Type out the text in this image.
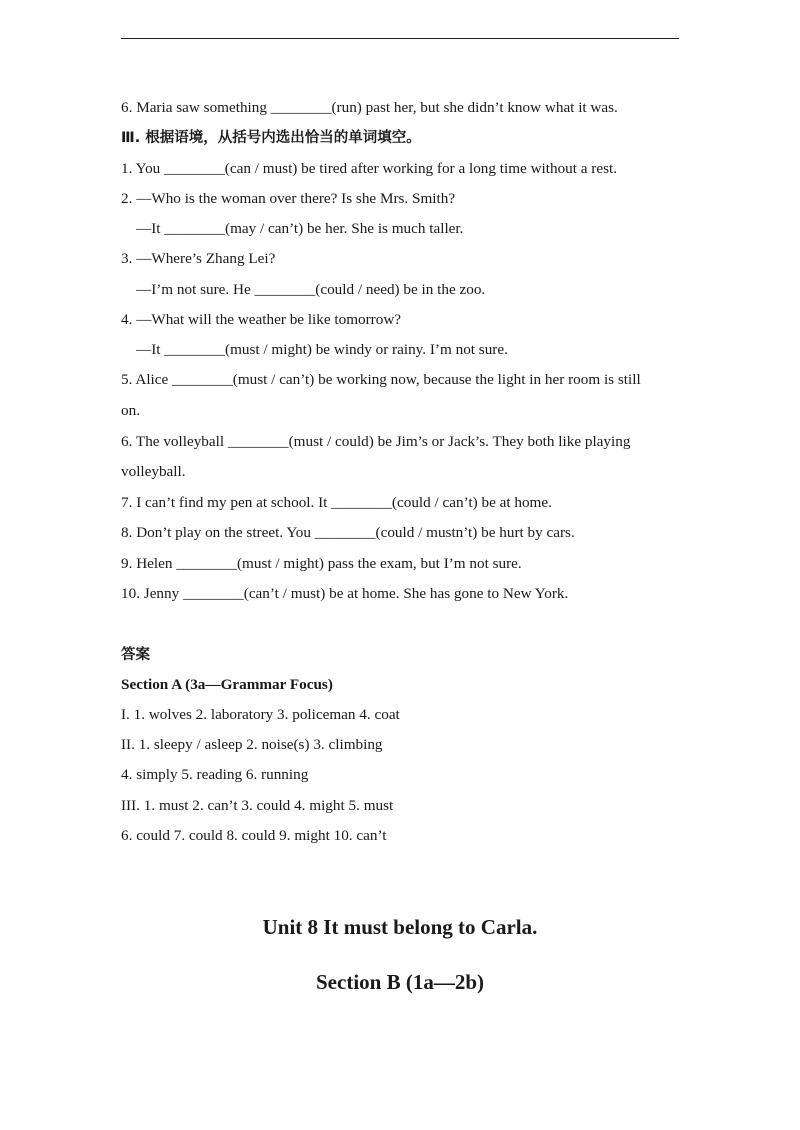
6. Maria saw something ________(run) past her, but she didn’t know what it was.
Ⅲ. 根据语境，从括号内选出恰当的单词填空。
1. You ________(can / must) be tired after working for a long time without a rest.
2. —Who is the woman over there? Is she Mrs. Smith?
—It ________(may / can’t) be her. She is much taller.
3. —Where’s Zhang Lei?
—I’m not sure. He ________(could / need) be in the zoo.
4. —What will the weather be like tomorrow?
—It ________(must / might) be windy or rainy. I’m not sure.
5. Alice ________(must / can’t) be working now, because the light in her room is still
on.
6. The volleyball ________(must / could) be Jim’s or Jack’s. They both like playing
volleyball.
7. I can’t find my pen at school. It ________(could / can’t) be at home.
8. Don’t play on the street. You ________(could / mustn’t) be hurt by cars.
9. Helen ________(must / might) pass the exam, but I’m not sure.
10. Jenny ________(can’t / must) be at home. She has gone to New York.
答案
Section A (3a—Grammar Focus)
I. 1. wolves 2. laboratory 3. policeman 4. coat
II. 1. sleepy / asleep 2. noise(s) 3. climbing
4. simply 5. reading 6. running
III. 1. must 2. can’t 3. could 4. might 5. must
6. could 7. could 8. could 9. might 10. can’t
Unit 8 It must belong to Carla.
Section B (1a—2b)
